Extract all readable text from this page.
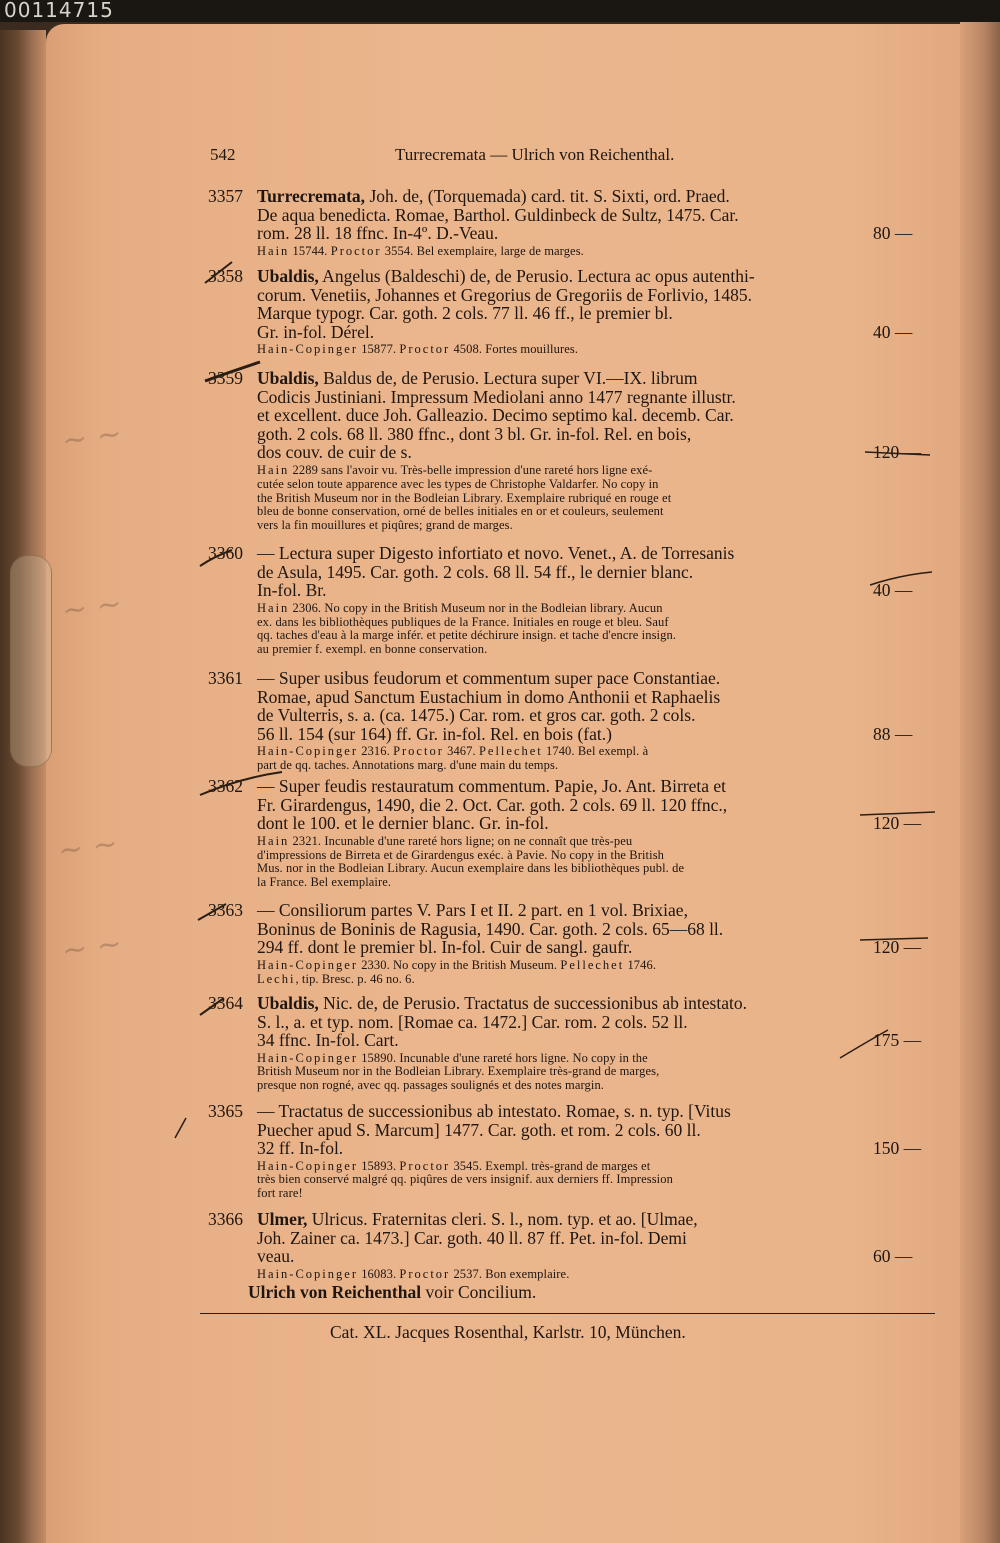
00114715
542	Turrecremata — Ulrich von Reichenthal.
3357 Turrecremata, Joh. de, (Torquemada) card. tit. S. Sixti, ord. Praed.
De aqua benedicta. Romae, Barthol. Guldinbeck de Sultz, 1475. Car.
rom. 28 ll. 18 ffnc. In-4º. D.-Veau.	80 —
Hain 15744. Proctor 3554. Bel exemplaire, large de marges.
3358 Ubaldis, Angelus (Baldeschi) de, de Perusio. Lectura ac opus autenthi-
corum. Venetiis, Johannes et Gregorius de Gregoriis de Forlivio, 1485.
Marque typogr. Car. goth. 2 cols. 77 ll. 46 ff., le premier bl.
Gr. in-fol. Dérel.	40 —
Hain-Copinger 15877. Proctor 4508. Fortes mouillures.
3359 Ubaldis, Baldus de, de Perusio. Lectura super VI.—IX. librum
Codicis Justiniani. Impressum Mediolani anno 1477 regnante illustr.
et excellent. duce Joh. Galleazio. Decimo septimo kal. decemb. Car.
goth. 2 cols. 68 ll. 380 ffnc., dont 3 bl. Gr. in-fol. Rel. en bois,
dos couv. de cuir de s.	120 —
Hain 2289 sans l'avoir vu. Très-belle impression d'une rareté hors ligne exé-
cutée selon toute apparence avec les types de Christophe Valdarfer. No copy in
the British Museum nor in the Bodleian Library. Exemplaire rubriqué en rouge et
bleu de bonne conservation, orné de belles initiales en or et couleurs, seulement
vers la fin mouillures et piqûres; grand de marges.
3360 — Lectura super Digesto infortiato et novo. Venet., A. de Torresanis
de Asula, 1495. Car. goth. 2 cols. 68 ll. 54 ff., le dernier blanc.
In-fol. Br.	40 —
Hain 2306. No copy in the British Museum nor in the Bodleian library. Aucun
ex. dans les bibliothèques publiques de la France. Initiales en rouge et bleu. Sauf
qq. taches d'eau à la marge infér. et petite déchirure insign. et tache d'encre insign.
au premier f. exempl. en bonne conservation.
3361 — Super usibus feudorum et commentum super pace Constantiae.
Romae, apud Sanctum Eustachium in domo Anthonii et Raphaelis
de Vulterris, s. a. (ca. 1475.) Car. rom. et gros car. goth. 2 cols.
56 ll. 154 (sur 164) ff. Gr. in-fol. Rel. en bois (fat.)	88 —
Hain-Copinger 2316. Proctor 3467. Pellechet 1740. Bel exempl. à
part de qq. taches. Annotations marg. d'une main du temps.
3362 — Super feudis restauratum commentum. Papie, Jo. Ant. Birreta et
Fr. Girardengus, 1490, die 2. Oct. Car. goth. 2 cols. 69 ll. 120 ffnc.,
dont le 100. et le dernier blanc. Gr. in-fol.	120 —
Hain 2321. Incunable d'une rareté hors ligne; on ne connaît que très-peu
d'impressions de Birreta et de Girardengus exéc. à Pavie. No copy in the British
Mus. nor in the Bodleian Library. Aucun exemplaire dans les bibliothèques publ. de
la France. Bel exemplaire.
3363 — Consiliorum partes V. Pars I et II. 2 part. en 1 vol. Brixiae,
Boninus de Boninis de Ragusia, 1490. Car. goth. 2 cols. 65—68 ll.
294 ff. dont le premier bl. In-fol. Cuir de sangl. gaufr.	120 —
Hain-Copinger 2330. No copy in the British Museum. Pellechet 1746.
Lechi, tip. Bresc. p. 46 no. 6.
3364 Ubaldis, Nic. de, de Perusio. Tractatus de successionibus ab intestato.
S. l., a. et typ. nom. [Romae ca. 1472.] Car. rom. 2 cols. 52 ll.
34 ffnc. In-fol. Cart.	175 —
Hain-Copinger 15890. Incunable d'une rareté hors ligne. No copy in the
British Museum nor in the Bodleian Library. Exemplaire très-grand de marges,
presque non rogné, avec qq. passages soulignés et des notes margin.
3365 — Tractatus de successionibus ab intestato. Romae, s. n. typ. [Vitus
Puecher apud S. Marcum] 1477. Car. goth. et rom. 2 cols. 60 ll.
32 ff. In-fol.	150 —
Hain-Copinger 15893. Proctor 3545. Exempl. très-grand de marges et
très bien conservé malgré qq. piqûres de vers insignif. aux derniers ff. Impression
fort rare!
3366 Ulmer, Ulricus. Fraternitas cleri. S. l., nom. typ. et ao. [Ulmae,
Joh. Zainer ca. 1473.] Car. goth. 40 ll. 87 ff. Pet. in-fol. Demi
veau.	60 —
Hain-Copinger 16083. Proctor 2537. Bon exemplaire.
Ulrich von Reichenthal voir Concilium.
Cat. XL. Jacques Rosenthal, Karlstr. 10, München.
~ ~
~ ~
~ ~
~ ~
